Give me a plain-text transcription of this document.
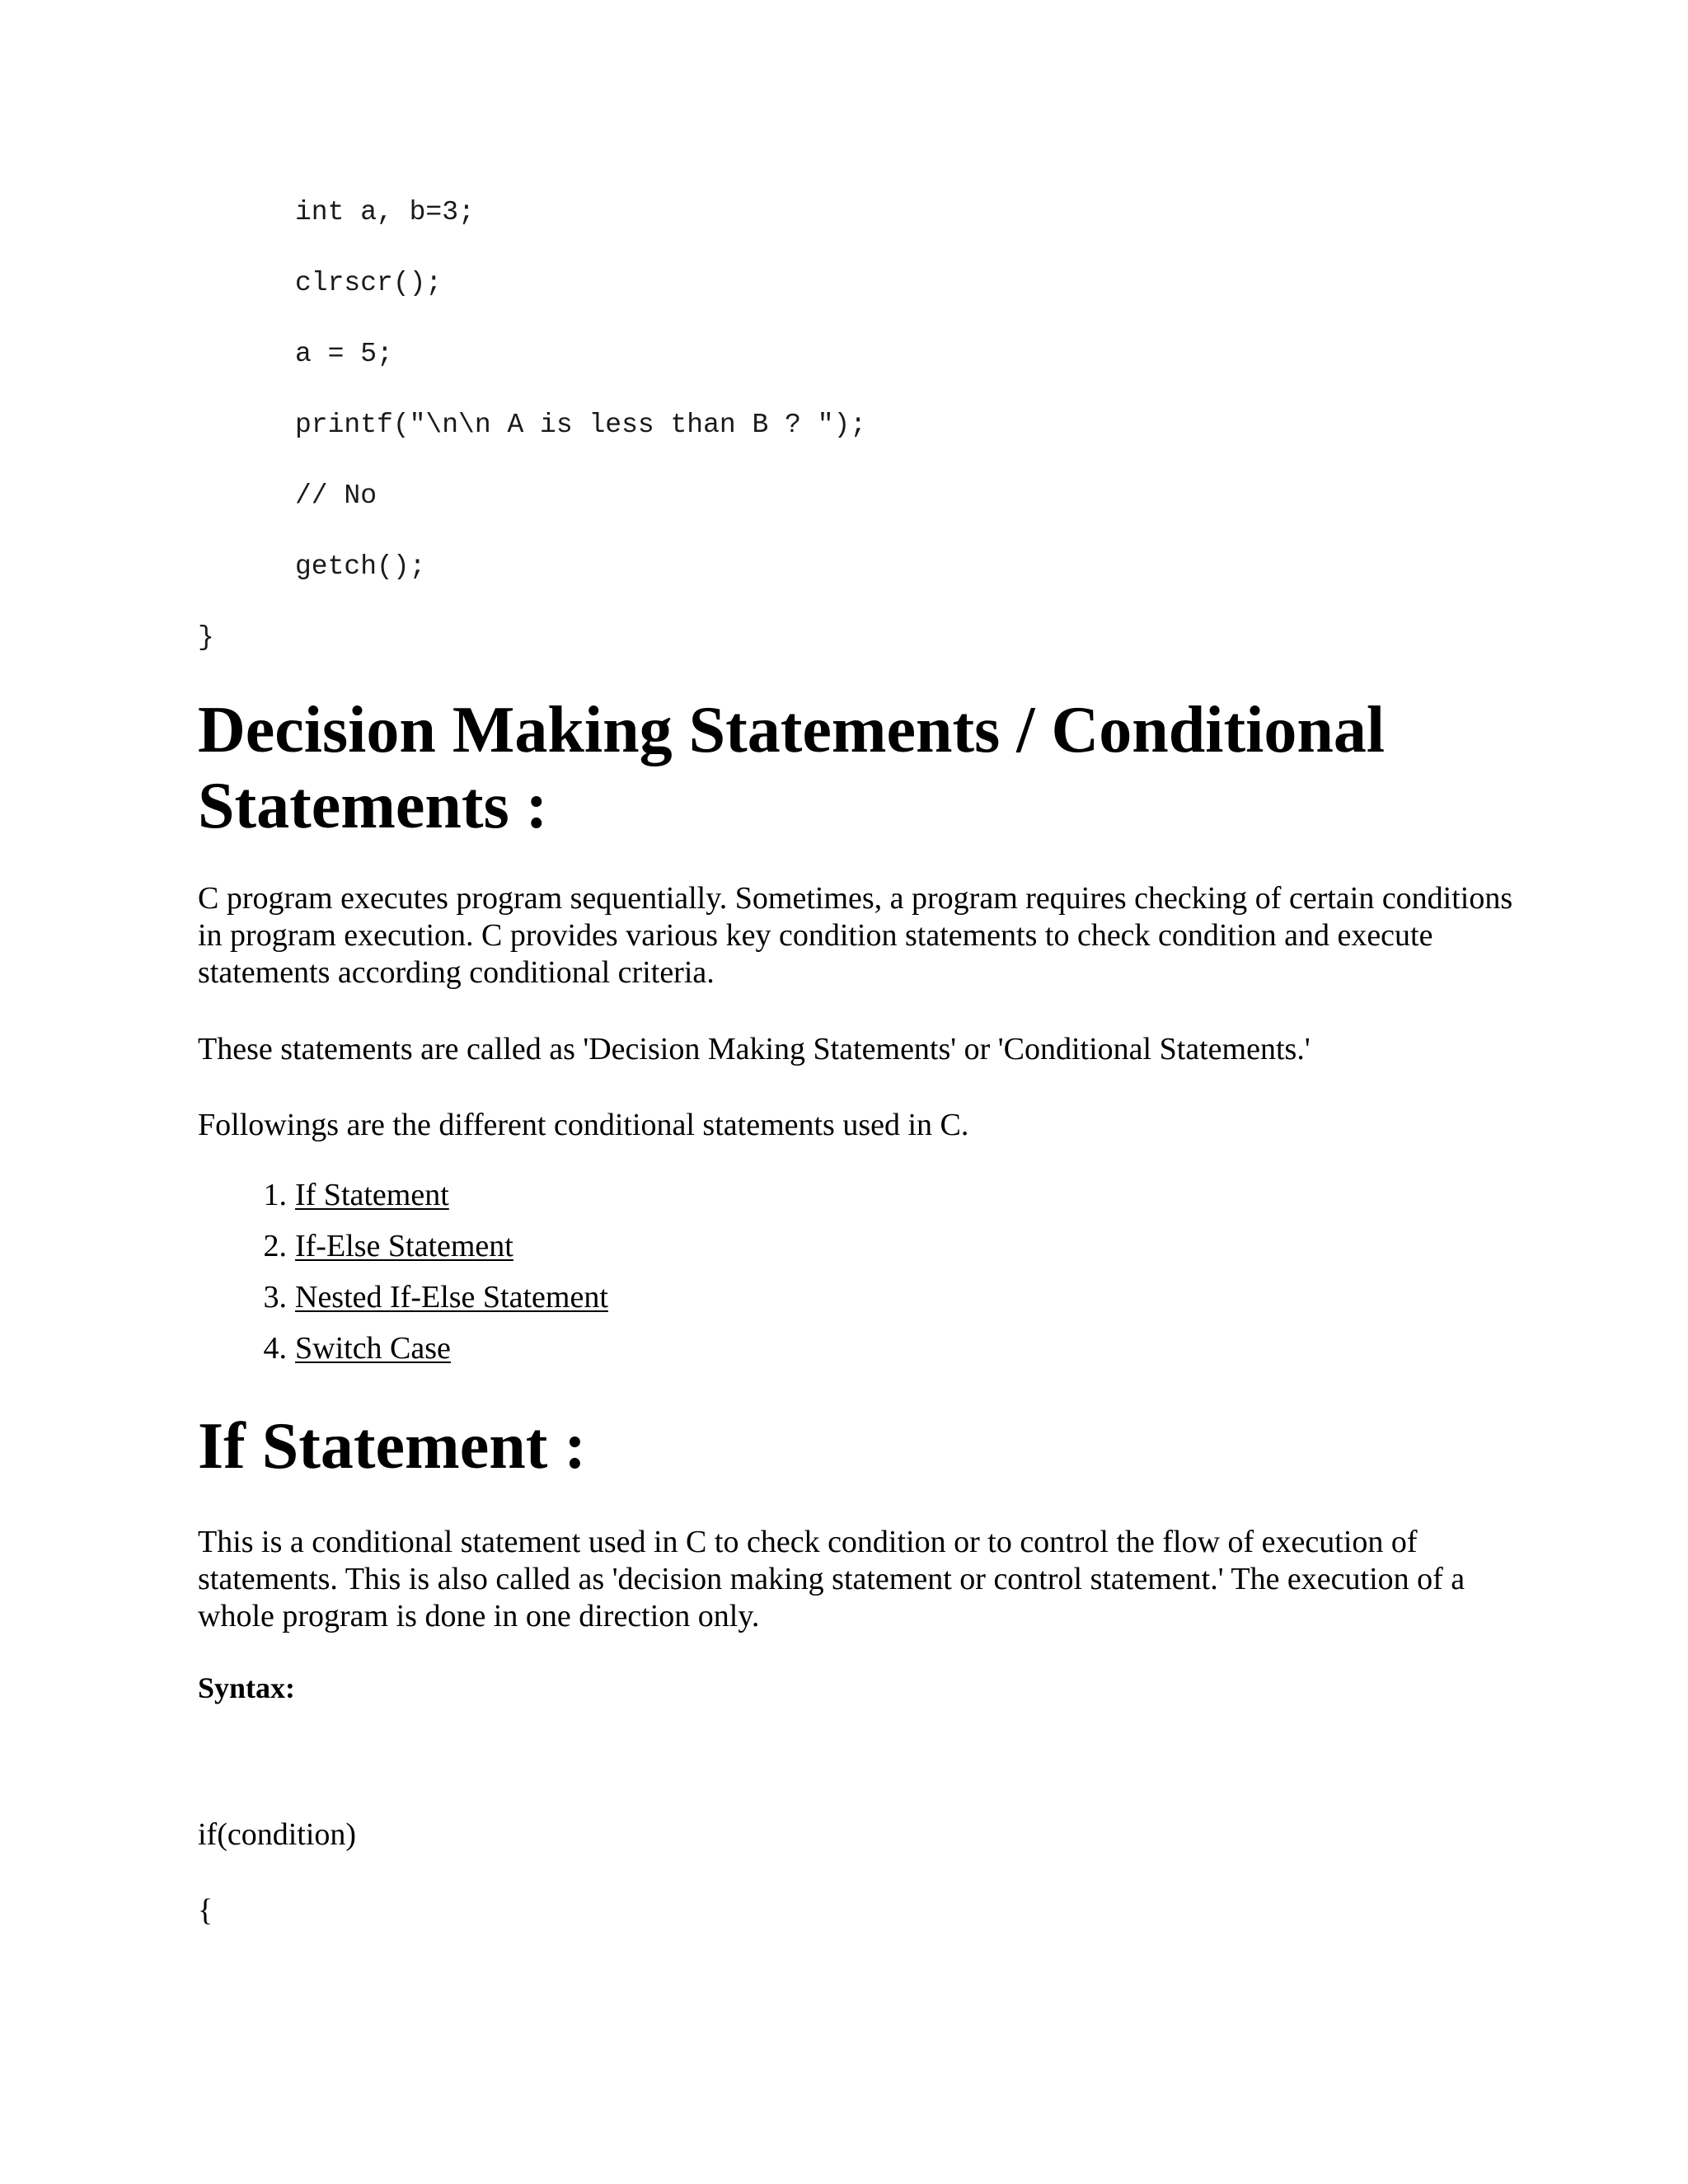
int a, b=3;
clrscr();
a = 5;
printf("\n\n A is less than B ? ");
// No
getch();
}
Decision Making Statements / Conditional Statements :

C program executes program sequentially. Sometimes, a program requires checking of certain conditions in program execution. C provides various key condition statements to check condition and execute statements according conditional criteria.

These statements are called as 'Decision Making Statements' or 'Conditional Statements.'

Followings are the different conditional statements used in C.

1. If Statement
2. If-Else Statement
3. Nested If-Else Statement
4. Switch Case
If Statement :

This is a conditional statement used in C to check condition or to control the flow of execution of statements. This is also called as 'decision making statement or control statement.' The execution of a whole program is done in one direction only.

Syntax:
if(condition)
{
